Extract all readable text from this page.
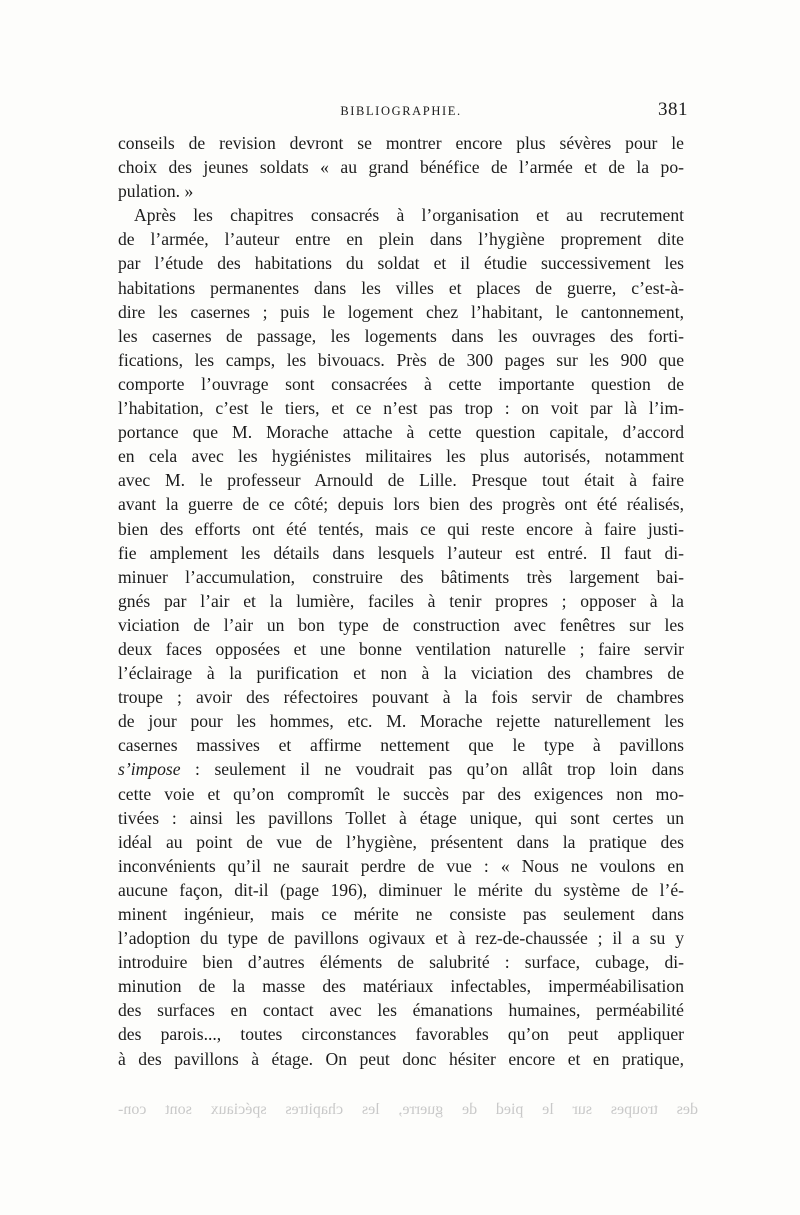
BIBLIOGRAPHIE.	381
conseils de revision devront se montrer encore plus sévères pour le
choix des jeunes soldats « au grand bénéfice de l’armée et de la po-
pulation. »
Après les chapitres consacrés à l’organisation et au recrutement
de l’armée, l’auteur entre en plein dans l’hygiène proprement dite
par l’étude des habitations du soldat et il étudie successivement les
habitations permanentes dans les villes et places de guerre, c’est-à-
dire les casernes ; puis le logement chez l’habitant, le cantonnement,
les casernes de passage, les logements dans les ouvrages des forti-
fications, les camps, les bivouacs. Près de 300 pages sur les 900 que
comporte l’ouvrage sont consacrées à cette importante question de
l’habitation, c’est le tiers, et ce n’est pas trop : on voit par là l’im-
portance que M. Morache attache à cette question capitale, d’accord
en cela avec les hygiénistes militaires les plus autorisés, notamment
avec M. le professeur Arnould de Lille. Presque tout était à faire
avant la guerre de ce côté; depuis lors bien des progrès ont été réalisés,
bien des efforts ont été tentés, mais ce qui reste encore à faire justi-
fie amplement les détails dans lesquels l’auteur est entré. Il faut di-
minuer l’accumulation, construire des bâtiments très largement bai-
gnés par l’air et la lumière, faciles à tenir propres ; opposer à la
viciation de l’air un bon type de construction avec fenêtres sur les
deux faces opposées et une bonne ventilation naturelle ; faire servir
l’éclairage à la purification et non à la viciation des chambres de
troupe ; avoir des réfectoires pouvant à la fois servir de chambres
de jour pour les hommes, etc. M. Morache rejette naturellement les
casernes massives et affirme nettement que le type à pavillons
s’impose : seulement il ne voudrait pas qu’on allât trop loin dans
cette voie et qu’on compromît le succès par des exigences non mo-
tivées : ainsi les pavillons Tollet à étage unique, qui sont certes un
idéal au point de vue de l’hygiène, présentent dans la pratique des
inconvénients qu’il ne saurait perdre de vue : « Nous ne voulons en
aucune façon, dit-il (page 196), diminuer le mérite du système de l’é-
minent ingénieur, mais ce mérite ne consiste pas seulement dans
l’adoption du type de pavillons ogivaux et à rez-de-chaussée ; il a su y
introduire bien d’autres éléments de salubrité : surface, cubage, di-
minution de la masse des matériaux infectables, imperméabilisation
des surfaces en contact avec les émanations humaines, perméabilité
des parois..., toutes circonstances favorables qu’on peut appliquer
à des pavillons à étage. On peut donc hésiter encore et en pratique,
des troupes sur le pied de guerre, les chapitres spéciaux sont con-
